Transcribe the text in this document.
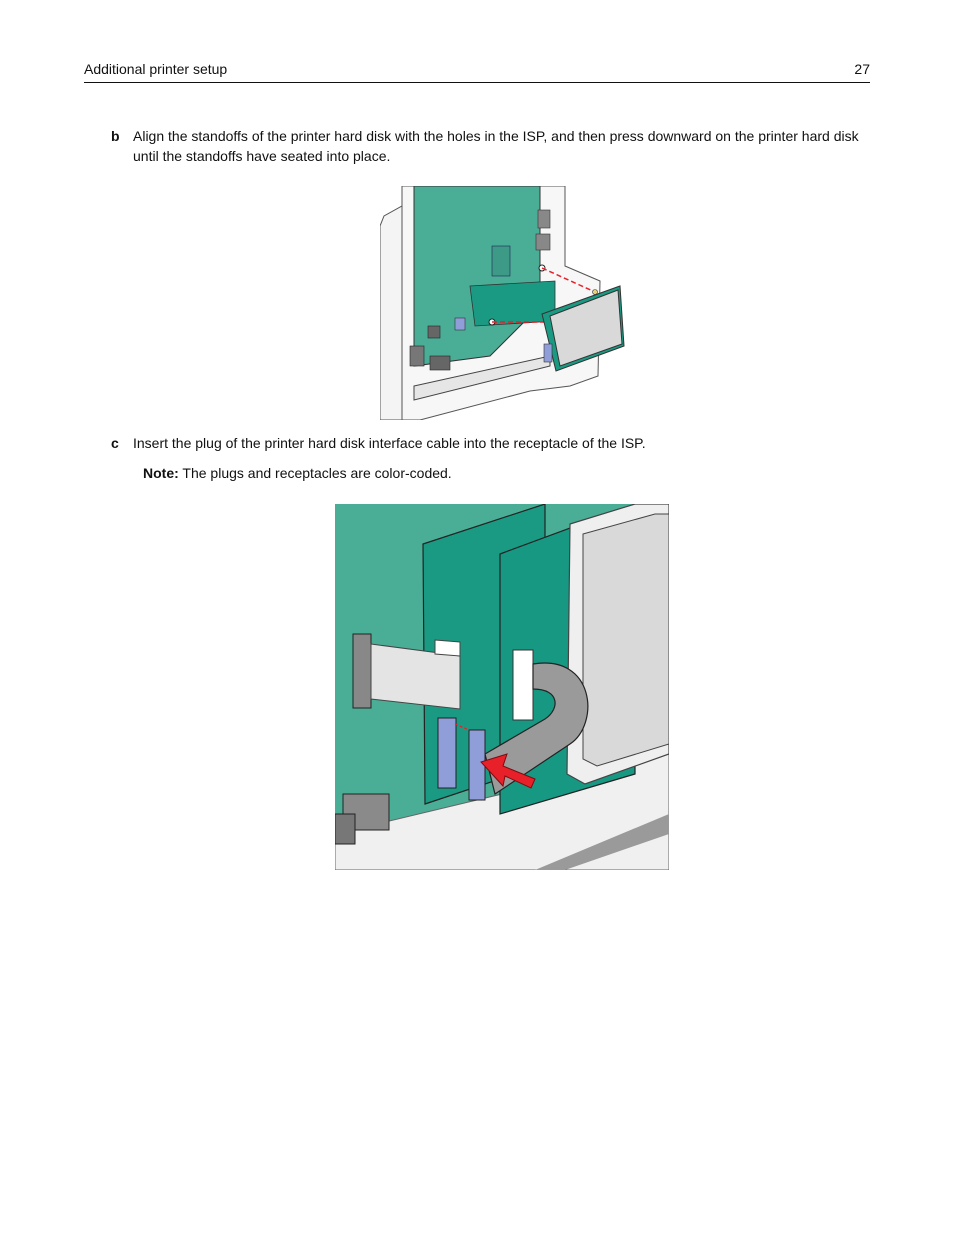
Additional printer setup	27
b Align the standoffs of the printer hard disk with the holes in the ISP, and then press downward on the printer hard disk until the standoffs have seated into place.
c Insert the plug of the printer hard disk interface cable into the receptacle of the ISP.
Note: The plugs and receptacles are color-coded.
